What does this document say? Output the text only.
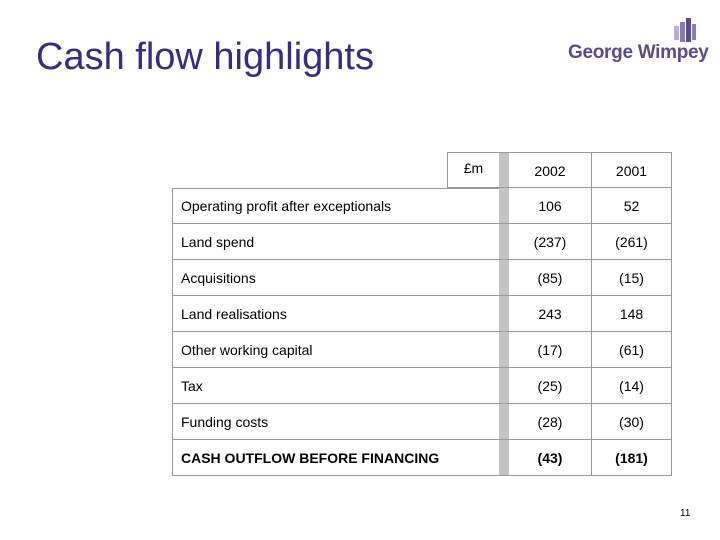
Cash flow highlights	George Wimpey
£m	2002	2001
Operating profit after exceptionals	106	52
Land spend	(237)	(261)
Acquisitions	(85)	(15)
Land realisations	243	148
Other working capital	(17)	(61)
Tax	(25)	(14)
Funding costs	(28)	(30)
CASH OUTFLOW BEFORE FINANCING	(43)	(181)
11
